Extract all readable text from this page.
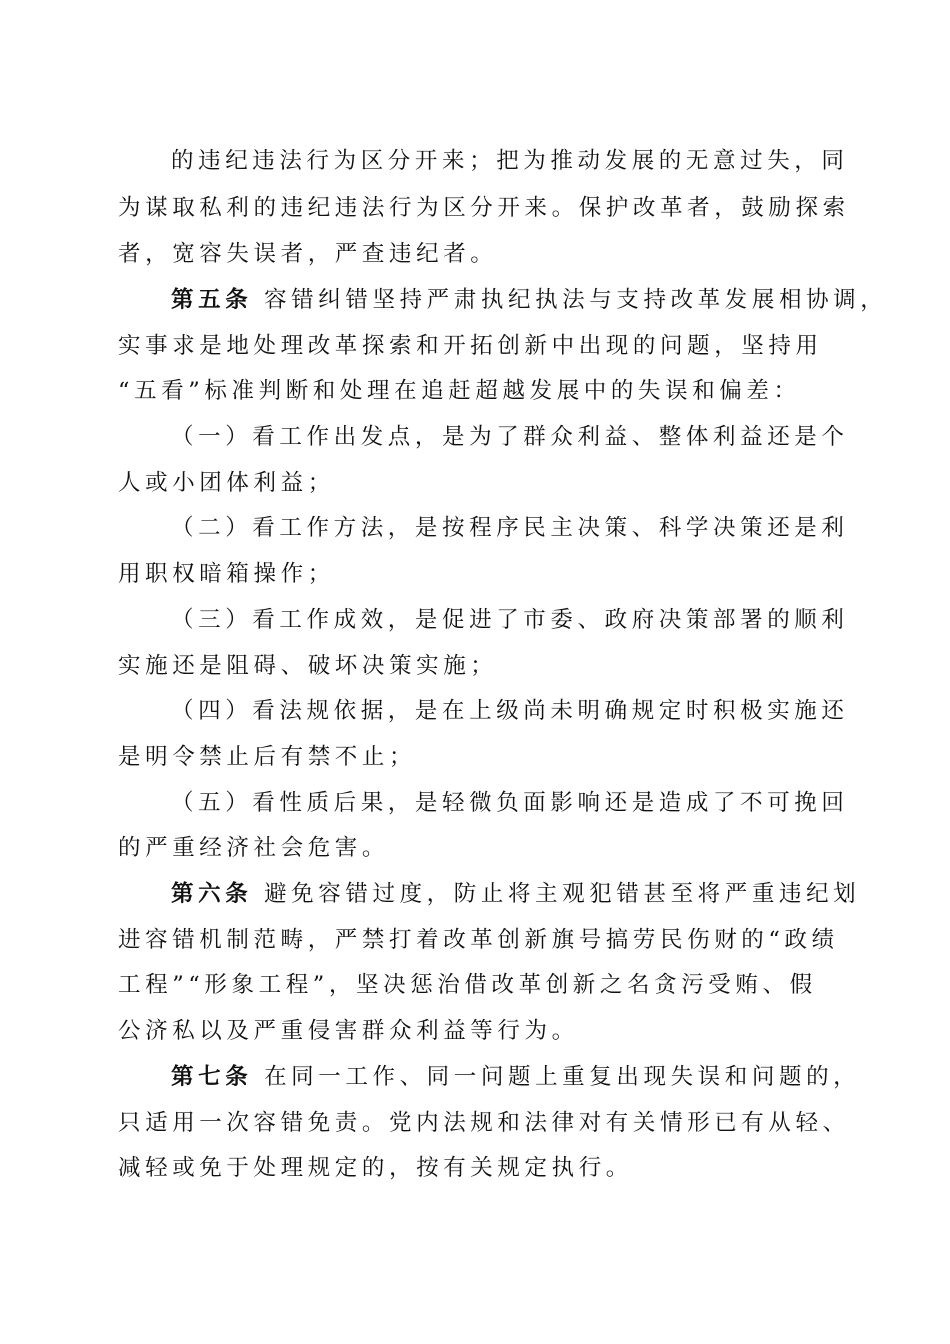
的违纪违法行为区分开来；把为推动发展的无意过失，同
为谋取私利的违纪违法行为区分开来。保护改革者，鼓励探索
者，宽容失误者，严查违纪者。
第五条 容错纠错坚持严肃执纪执法与支持改革发展相协调，
实事求是地处理改革探索和开拓创新中出现的问题，坚持用
“五看”标准判断和处理在追赶超越发展中的失误和偏差：
（一）看工作出发点，是为了群众利益、整体利益还是个
人或小团体利益；
（二）看工作方法，是按程序民主决策、科学决策还是利
用职权暗箱操作；
（三）看工作成效，是促进了市委、政府决策部署的顺利
实施还是阻碍、破坏决策实施；
（四）看法规依据，是在上级尚未明确规定时积极实施还
是明令禁止后有禁不止；
（五）看性质后果，是轻微负面影响还是造成了不可挽回
的严重经济社会危害。
第六条 避免容错过度，防止将主观犯错甚至将严重违纪划
进容错机制范畴，严禁打着改革创新旗号搞劳民伤财的“政绩
工程”“形象工程”，坚决惩治借改革创新之名贪污受贿、假
公济私以及严重侵害群众利益等行为。
第七条 在同一工作、同一问题上重复出现失误和问题的，
只适用一次容错免责。党内法规和法律对有关情形已有从轻、
减轻或免于处理规定的，按有关规定执行。
